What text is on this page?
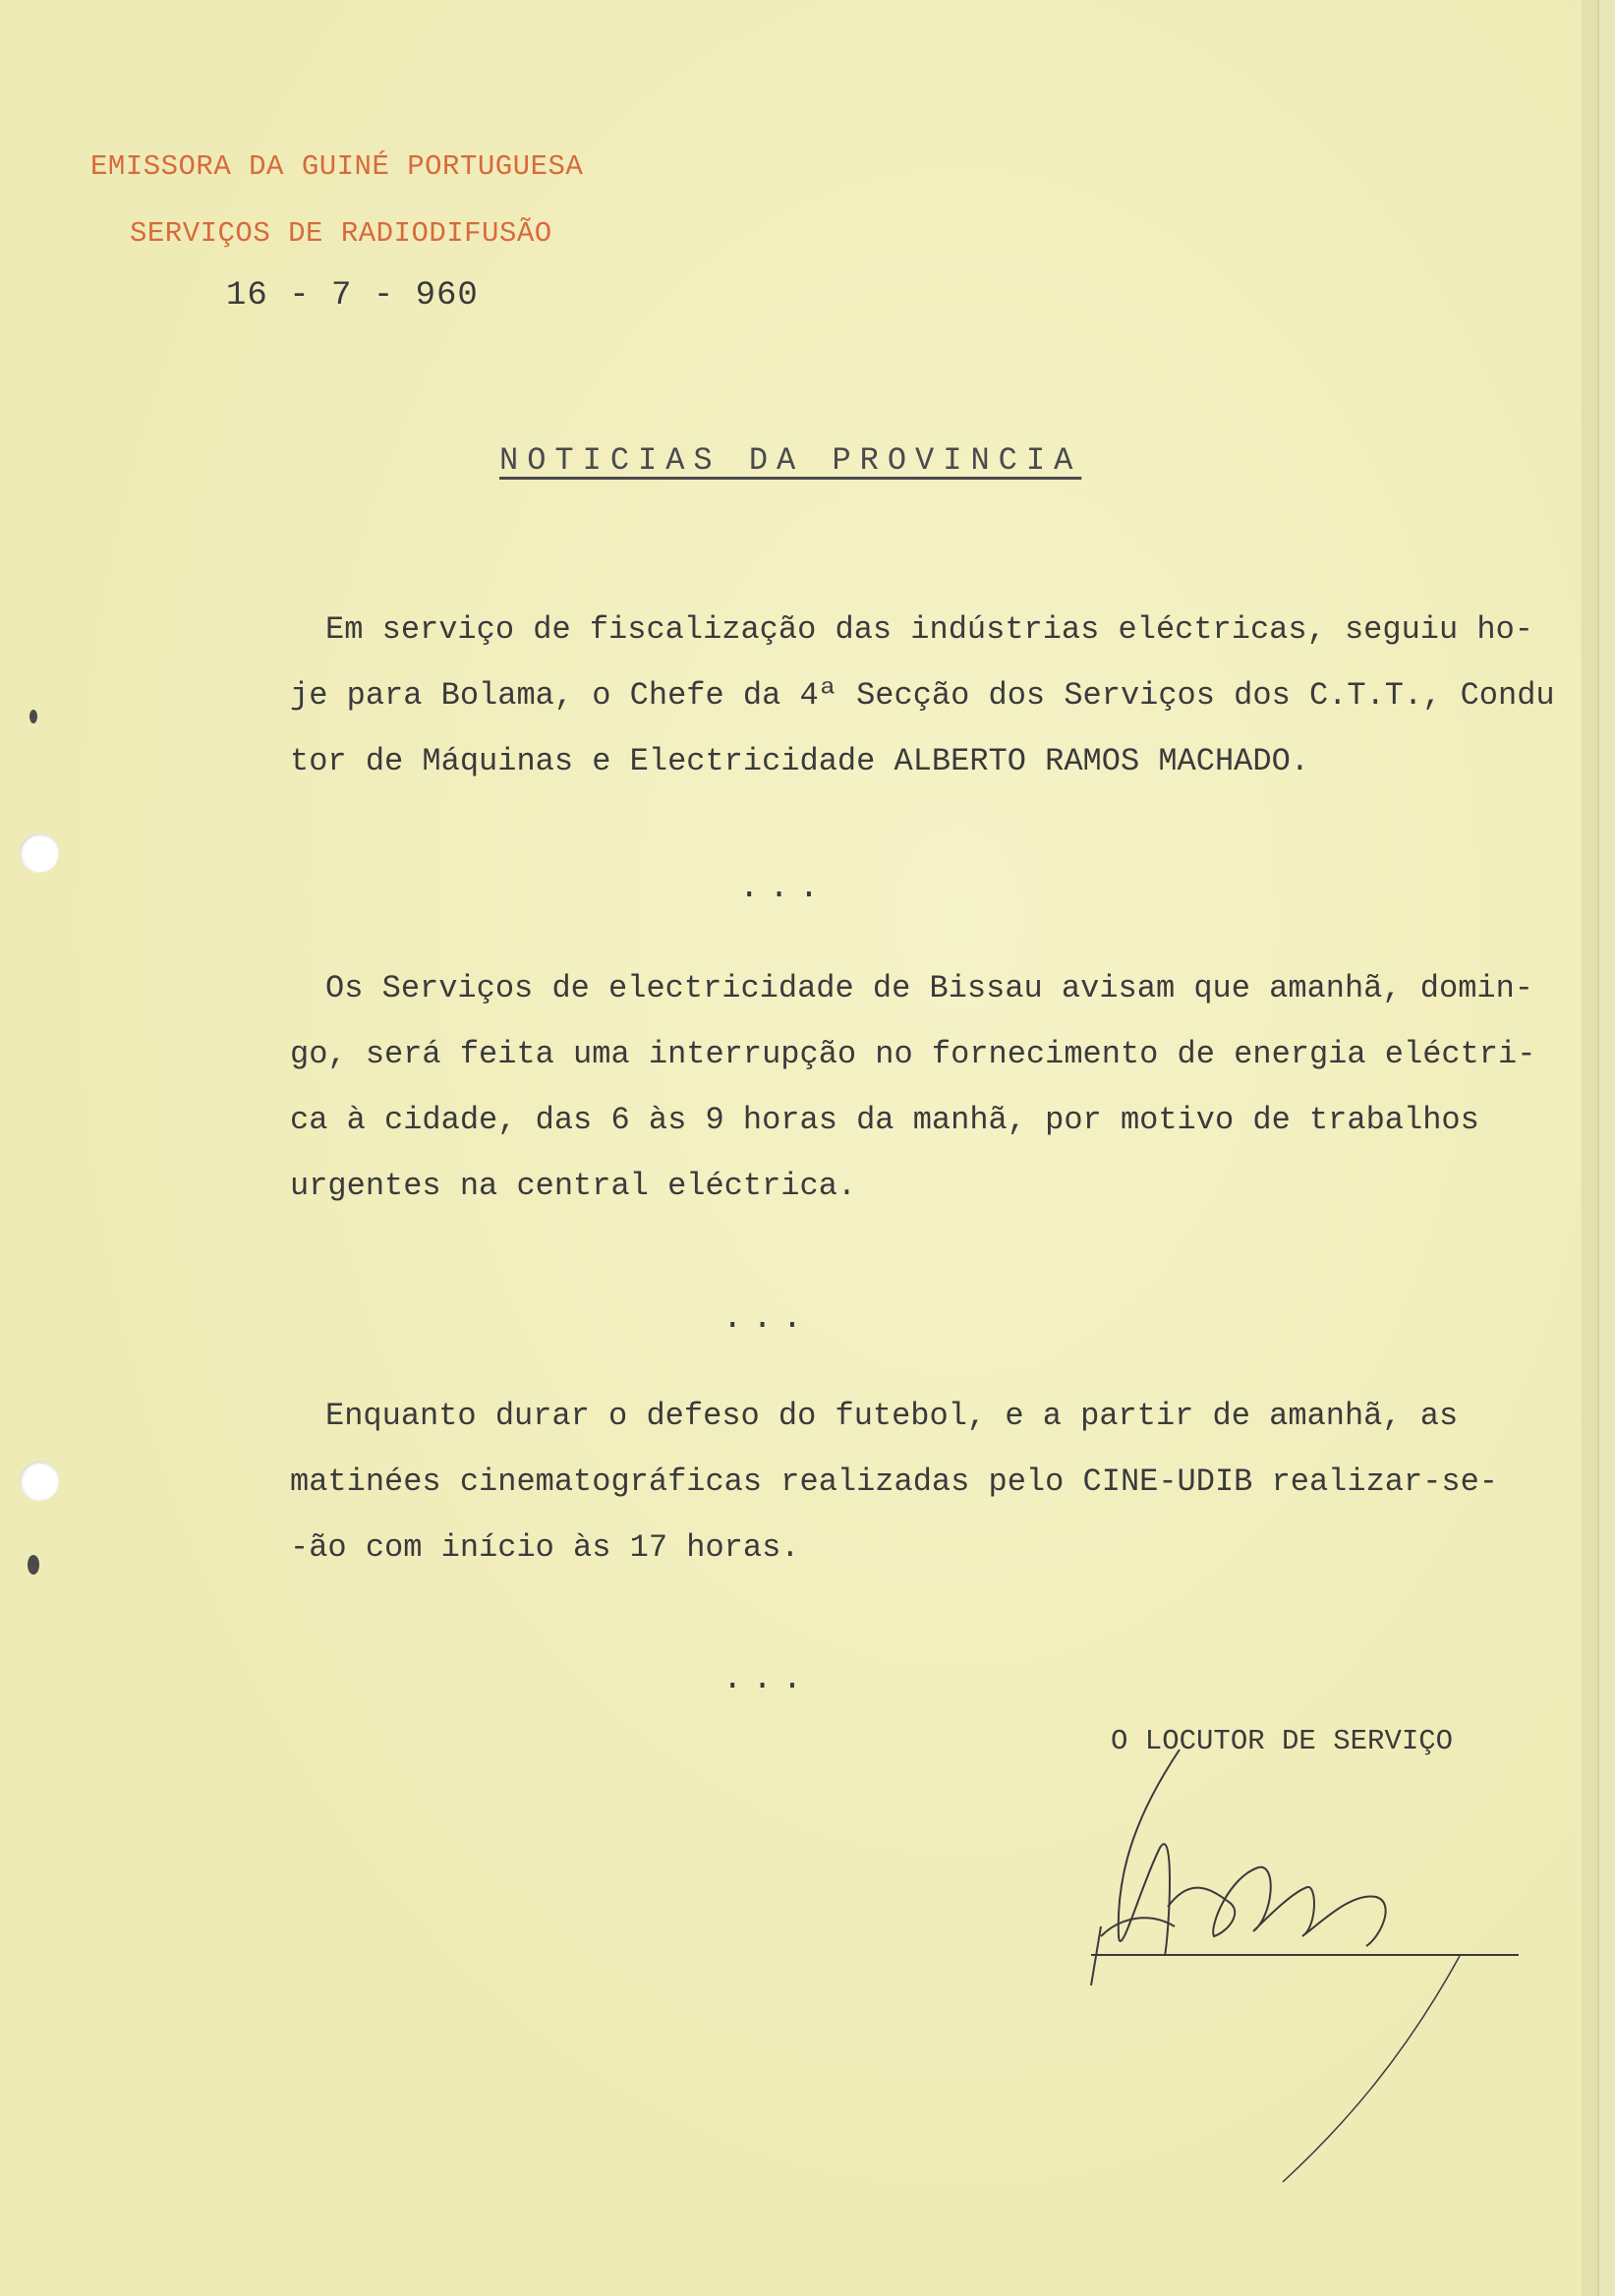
EMISSORA DA GUINÉ PORTUGUESA
SERVIÇOS DE RADIODIFUSÃO
16 - 7 - 960
NOTICIAS DA PROVINCIA
Em serviço de fiscalização das indústrias eléctricas, seguiu ho-
je para Bolama, o Chefe da 4ª Secção dos Serviços dos C.T.T., Condu
tor de Máquinas e Electricidade ALBERTO RAMOS MACHADO.
...
Os Serviços de electricidade de Bissau avisam que amanhã, domin-
go, será feita uma interrupção no fornecimento de energia eléctri-
ca à cidade, das 6 às 9 horas da manhã, por motivo de trabalhos
urgentes na central eléctrica.
...
Enquanto durar o defeso do futebol, e a partir de amanhã, as
matinées cinematográficas realizadas pelo CINE-UDIB realizar-se-
-ão com início às 17 horas.
...
O LOCUTOR DE SERVIÇO
